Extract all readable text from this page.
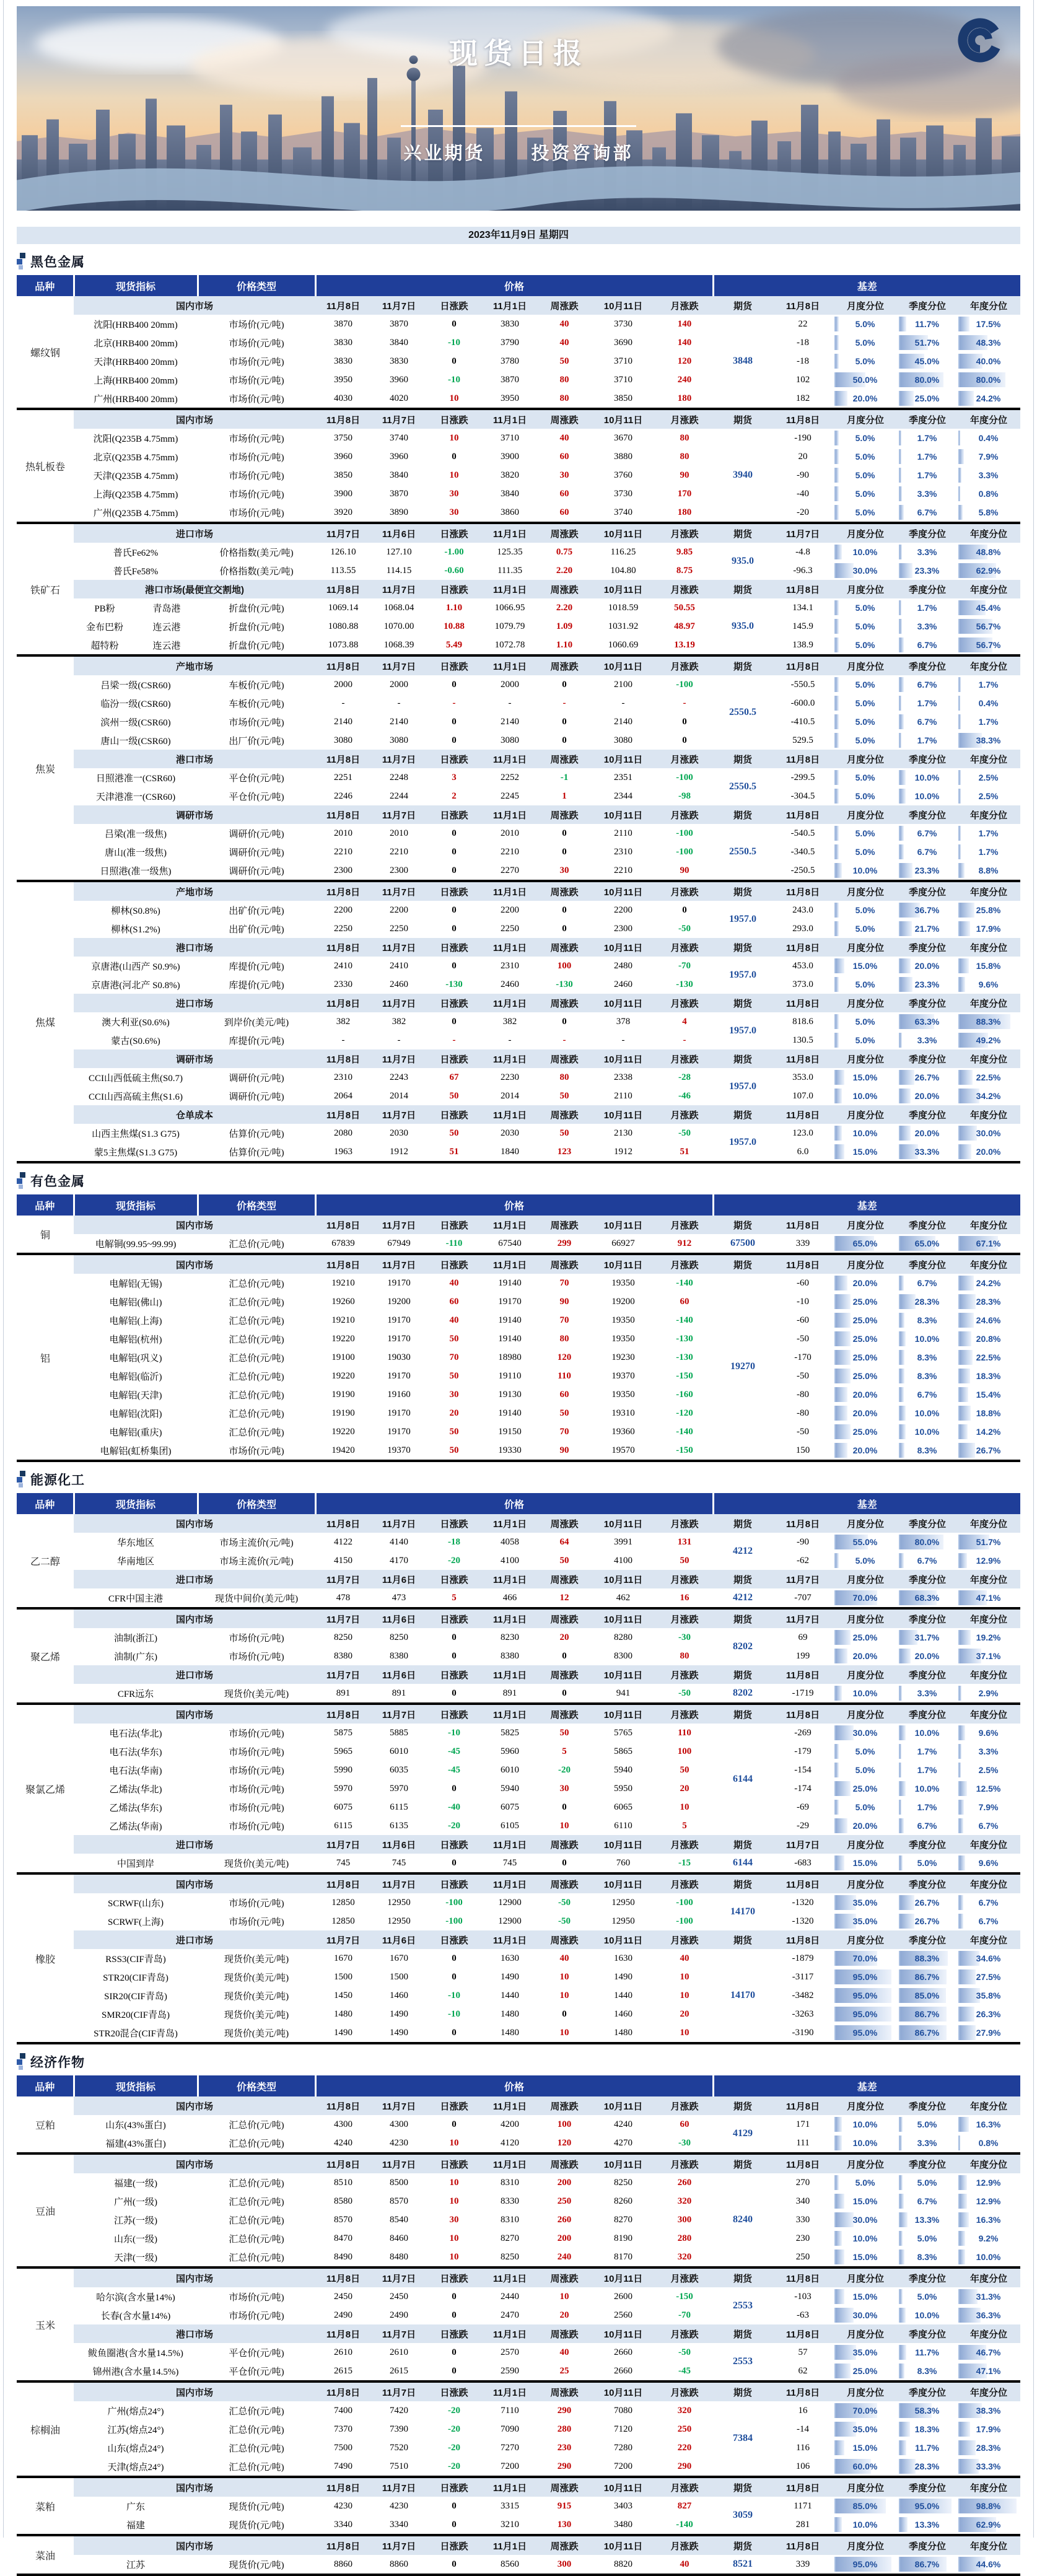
现货日报
兴业期货	投资咨询部
2023年11月9日 星期四
黑色金属
品种	现货指标		价格类型	价格							基差				
螺纹钢	国内市场			11月8日	11月7日	日涨跌	11月1日	周涨跌	10月11日	月涨跌	期货	11月8日	月度分位	季度分位	年度分位
	沈阳(HRB400 20mm)		市场价(元/吨)	3870	3870	0	3830	40	3730	140	3848	22	5.0%	11.7%	17.5%

	北京(HRB400 20mm)		市场价(元/吨)	3830	3840	-10	3790	40	3690	140		-18	5.0%	51.7%	48.3%

	天津(HRB400 20mm)		市场价(元/吨)	3830	3830	0	3780	50	3710	120		-18	5.0%	45.0%	40.0%

	上海(HRB400 20mm)		市场价(元/吨)	3950	3960	-10	3870	80	3710	240		102	50.0%	80.0%	80.0%

	广州(HRB400 20mm)		市场价(元/吨)	4030	4020	10	3950	80	3850	180		182	20.0%	25.0%	24.2%

热轧板卷	国内市场			11月8日	11月7日	日涨跌	11月1日	周涨跌	10月11日	月涨跌	期货	11月8日	月度分位	季度分位	年度分位
	沈阳(Q235B 4.75mm)		市场价(元/吨)	3750	3740	10	3710	40	3670	80	3940	-190	5.0%	1.7%	0.4%

	北京(Q235B 4.75mm)		市场价(元/吨)	3960	3960	0	3900	60	3880	80		20	5.0%	1.7%	7.9%

	天津(Q235B 4.75mm)		市场价(元/吨)	3850	3840	10	3820	30	3760	90		-90	5.0%	1.7%	3.3%

	上海(Q235B 4.75mm)		市场价(元/吨)	3900	3870	30	3840	60	3730	170		-40	5.0%	3.3%	0.8%

	广州(Q235B 4.75mm)		市场价(元/吨)	3920	3890	30	3860	60	3740	180		-20	5.0%	6.7%	5.8%

铁矿石	进口市场			11月7日	11月6日	日涨跌	11月1日	周涨跌	10月11日	月涨跌	期货	11月7日	月度分位	季度分位	年度分位
	普氏Fe62%		价格指数(美元/吨)	126.10	127.10	-1.00	125.35	0.75	116.25	9.85	935.0	-4.8	10.0%	3.3%	48.8%

	普氏Fe58%		价格指数(美元/吨)	113.55	114.15	-0.60	111.35	2.20	104.80	8.75		-96.3	30.0%	23.3%	62.9%

	港口市场(最便宜交割地)			11月8日	11月7日	日涨跌	11月1日	周涨跌	10月11日	月涨跌	期货	11月8日	月度分位	季度分位	年度分位
	PB粉	青岛港	折盘价(元/吨)	1069.14	1068.04	1.10	1066.95	2.20	1018.59	50.55	935.0	134.1	5.0%	1.7%	45.4%

	金布巴粉	连云港	折盘价(元/吨)	1080.88	1070.00	10.88	1079.79	1.09	1031.92	48.97		145.9	5.0%	3.3%	56.7%

	超特粉	连云港	折盘价(元/吨)	1073.88	1068.39	5.49	1072.78	1.10	1060.69	13.19		138.9	5.0%	6.7%	56.7%

焦炭	产地市场			11月8日	11月7日	日涨跌	11月1日	周涨跌	10月11日	月涨跌	期货	11月8日	月度分位	季度分位	年度分位
	吕梁一级(CSR60)		车板价(元/吨)	2000	2000	0	2000	0	2100	-100	2550.5	-550.5	5.0%	6.7%	1.7%

	临汾一级(CSR60)		车板价(元/吨)	-	-	-	-	-	-	-		-600.0	5.0%	1.7%	0.4%

	滨州一级(CSR60)		市场价(元/吨)	2140	2140	0	2140	0	2140	0		-410.5	5.0%	6.7%	1.7%

	唐山一级(CSR60)		出厂价(元/吨)	3080	3080	0	3080	0	3080	0		529.5	5.0%	1.7%	38.3%

	港口市场			11月8日	11月7日	日涨跌	11月1日	周涨跌	10月11日	月涨跌	期货	11月8日	月度分位	季度分位	年度分位
	日照港准一(CSR60)		平仓价(元/吨)	2251	2248	3	2252	-1	2351	-100	2550.5	-299.5	5.0%	10.0%	2.5%

	天津港准一(CSR60)		平仓价(元/吨)	2246	2244	2	2245	1	2344	-98		-304.5	5.0%	10.0%	2.5%

	调研市场			11月8日	11月7日	日涨跌	11月1日	周涨跌	10月11日	月涨跌	期货	11月8日	月度分位	季度分位	年度分位
	吕梁(准一级焦)		调研价(元/吨)	2010	2010	0	2010	0	2110	-100	2550.5	-540.5	5.0%	6.7%	1.7%

	唐山(准一级焦)		调研价(元/吨)	2210	2210	0	2210	0	2310	-100		-340.5	5.0%	6.7%	1.7%

	日照港(准一级焦)		调研价(元/吨)	2300	2300	0	2270	30	2210	90		-250.5	10.0%	23.3%	8.8%

焦煤	产地市场			11月8日	11月7日	日涨跌	11月1日	周涨跌	10月11日	月涨跌	期货	11月8日	月度分位	季度分位	年度分位
	柳林(S0.8%)		出矿价(元/吨)	2200	2200	0	2200	0	2200	0	1957.0	243.0	5.0%	36.7%	25.8%

	柳林(S1.2%)		出矿价(元/吨)	2250	2250	0	2250	0	2300	-50		293.0	5.0%	21.7%	17.9%

	港口市场			11月8日	11月7日	日涨跌	11月1日	周涨跌	10月11日	月涨跌	期货	11月8日	月度分位	季度分位	年度分位
	京唐港(山西产 S0.9%)		库提价(元/吨)	2410	2410	0	2310	100	2480	-70	1957.0	453.0	15.0%	20.0%	15.8%

	京唐港(河北产 S0.8%)		库提价(元/吨)	2330	2460	-130	2460	-130	2460	-130		373.0	5.0%	23.3%	9.6%

	进口市场			11月8日	11月7日	日涨跌	11月1日	周涨跌	10月11日	月涨跌	期货	11月8日	月度分位	季度分位	年度分位
	澳大利亚(S0.6%)		到岸价(美元/吨)	382	382	0	382	0	378	4	1957.0	818.6	5.0%	63.3%	88.3%

	蒙古(S0.6%)		库提价(元/吨)	-	-	-	-	-	-	-		130.5	5.0%	3.3%	49.2%

	调研市场			11月8日	11月7日	日涨跌	11月1日	周涨跌	10月11日	月涨跌	期货	11月8日	月度分位	季度分位	年度分位
	CCI山西低硫主焦(S0.7)		调研价(元/吨)	2310	2243	67	2230	80	2338	-28	1957.0	353.0	15.0%	26.7%	22.5%

	CCI山西高硫主焦(S1.6)		调研价(元/吨)	2064	2014	50	2014	50	2110	-46		107.0	10.0%	20.0%	34.2%

	仓单成本			11月8日	11月7日	日涨跌	11月1日	周涨跌	10月11日	月涨跌	期货	11月8日	月度分位	季度分位	年度分位
	山西主焦煤(S1.3 G75)		估算价(元/吨)	2080	2030	50	2030	50	2130	-50	1957.0	123.0	10.0%	20.0%	30.0%

	蒙5主焦煤(S1.3 G75)		估算价(元/吨)	1963	1912	51	1840	123	1912	51		6.0	15.0%	33.3%	20.0%

有色金属
品种	现货指标	价格类型	价格							基差				
铜	国内市场		11月8日	11月7日	日涨跌	11月1日	周涨跌	10月11日	月涨跌	期货	11月8日	月度分位	季度分位	年度分位
	电解铜(99.95~99.99)	汇总价(元/吨)	67839	67949	-110	67540	299	66927	912	67500	339	65.0%	65.0%	67.1%

铝	国内市场		11月8日	11月7日	日涨跌	11月1日	周涨跌	10月11日	月涨跌	期货	11月8日	月度分位	季度分位	年度分位
	电解铝(无锡)	汇总价(元/吨)	19210	19170	40	19140	70	19350	-140	19270	-60	20.0%	6.7%	24.2%

	电解铝(佛山)	汇总价(元/吨)	19260	19200	60	19170	90	19200	60		-10	25.0%	28.3%	28.3%

	电解铝(上海)	汇总价(元/吨)	19210	19170	40	19140	70	19350	-140		-60	25.0%	8.3%	24.6%

	电解铝(杭州)	汇总价(元/吨)	19220	19170	50	19140	80	19350	-130		-50	25.0%	10.0%	20.8%

	电解铝(巩义)	汇总价(元/吨)	19100	19030	70	18980	120	19230	-130		-170	25.0%	8.3%	22.5%

	电解铝(临沂)	汇总价(元/吨)	19220	19170	50	19110	110	19370	-150		-50	25.0%	8.3%	18.3%

	电解铝(天津)	汇总价(元/吨)	19190	19160	30	19130	60	19350	-160		-80	20.0%	6.7%	15.4%

	电解铝(沈阳)	汇总价(元/吨)	19190	19170	20	19140	50	19310	-120		-80	20.0%	10.0%	18.8%

	电解铝(重庆)	汇总价(元/吨)	19220	19170	50	19150	70	19360	-140		-50	25.0%	10.0%	14.2%

	电解铝(虹桥集团)	市场价(元/吨)	19420	19370	50	19330	90	19570	-150		150	20.0%	8.3%	26.7%

能源化工
品种	现货指标	价格类型	价格							基差				
乙二醇	国内市场		11月8日	11月7日	日涨跌	11月1日	周涨跌	10月11日	月涨跌	期货	11月8日	月度分位	季度分位	年度分位
	华东地区	市场主流价(元/吨)	4122	4140	-18	4058	64	3991	131	4212	-90	55.0%	80.0%	51.7%

	华南地区	市场主流价(元/吨)	4150	4170	-20	4100	50	4100	50		-62	5.0%	6.7%	12.9%

	进口市场		11月7日	11月6日	日涨跌	11月1日	周涨跌	10月11日	月涨跌	期货	11月7日	月度分位	季度分位	年度分位
	CFR中国主港	现货中间价(美元/吨)	478	473	5	466	12	462	16	4212	-707	70.0%	68.3%	47.1%

聚乙烯	国内市场		11月7日	11月6日	日涨跌	11月1日	周涨跌	10月11日	月涨跌	期货	11月7日	月度分位	季度分位	年度分位
	油制(浙江)	市场价(元/吨)	8250	8250	0	8230	20	8280	-30	8202	69	25.0%	31.7%	19.2%

	油制(广东)	市场价(元/吨)	8380	8380	0	8380	0	8300	80		199	20.0%	20.0%	37.1%

	进口市场		11月7日	11月6日	日涨跌	11月1日	周涨跌	10月11日	月涨跌	期货	11月8日	月度分位	季度分位	年度分位
	CFR远东	现货价(美元/吨)	891	891	0	891	0	941	-50	8202	-1719	10.0%	3.3%	2.9%

聚氯乙烯	国内市场		11月8日	11月7日	日涨跌	11月1日	周涨跌	10月11日	月涨跌	期货	11月8日	月度分位	季度分位	年度分位
	电石法(华北)	市场价(元/吨)	5875	5885	-10	5825	50	5765	110	6144	-269	30.0%	10.0%	9.6%

	电石法(华东)	市场价(元/吨)	5965	6010	-45	5960	5	5865	100		-179	5.0%	1.7%	3.3%

	电石法(华南)	市场价(元/吨)	5990	6035	-45	6010	-20	5940	50		-154	5.0%	1.7%	2.5%

	乙烯法(华北)	市场价(元/吨)	5970	5970	0	5940	30	5950	20		-174	25.0%	10.0%	12.5%

	乙烯法(华东)	市场价(元/吨)	6075	6115	-40	6075	0	6065	10		-69	5.0%	1.7%	7.9%

	乙烯法(华南)	市场价(元/吨)	6115	6135	-20	6105	10	6110	5		-29	20.0%	6.7%	6.7%

	进口市场		11月7日	11月6日	日涨跌	11月1日	周涨跌	10月11日	月涨跌	期货	11月7日	月度分位	季度分位	年度分位
	中国到岸	现货价(美元/吨)	745	745	0	745	0	760	-15	6144	-683	15.0%	5.0%	9.6%

橡胶	国内市场		11月8日	11月7日	日涨跌	11月1日	周涨跌	10月11日	月涨跌	期货	11月8日	月度分位	季度分位	年度分位
	SCRWF(山东)	市场价(元/吨)	12850	12950	-100	12900	-50	12950	-100	14170	-1320	35.0%	26.7%	6.7%

	SCRWF(上海)	市场价(元/吨)	12850	12950	-100	12900	-50	12950	-100		-1320	35.0%	26.7%	6.7%

	进口市场		11月7日	11月6日	日涨跌	11月1日	周涨跌	10月11日	月涨跌	期货	11月8日	月度分位	季度分位	年度分位
	RSS3(CIF青岛)	现货价(美元/吨)	1670	1670	0	1630	40	1630	40	14170	-1879	70.0%	88.3%	34.6%

	STR20(CIF青岛)	现货价(美元/吨)	1500	1500	0	1490	10	1490	10		-3117	95.0%	86.7%	27.5%

	SIR20(CIF青岛)	现货价(美元/吨)	1450	1460	-10	1440	10	1440	10		-3482	95.0%	85.0%	35.8%

	SMR20(CIF青岛)	现货价(美元/吨)	1480	1490	-10	1480	0	1460	20		-3263	95.0%	86.7%	26.3%

	STR20混合(CIF青岛)	现货价(美元/吨)	1490	1490	0	1480	10	1480	10		-3190	95.0%	86.7%	27.9%

经济作物
品种	现货指标	价格类型	价格							基差				
豆粕	国内市场		11月8日	11月7日	日涨跌	11月1日	周涨跌	10月11日	月涨跌	期货	11月8日	月度分位	季度分位	年度分位
	山东(43%蛋白)	汇总价(元/吨)	4300	4300	0	4200	100	4240	60	4129	171	10.0%	5.0%	16.3%

	福建(43%蛋白)	汇总价(元/吨)	4240	4230	10	4120	120	4270	-30		111	10.0%	3.3%	0.8%

豆油	国内市场		11月8日	11月7日	日涨跌	11月1日	周涨跌	10月11日	月涨跌	期货	11月8日	月度分位	季度分位	年度分位
	福建(一级)	汇总价(元/吨)	8510	8500	10	8310	200	8250	260	8240	270	5.0%	5.0%	12.9%

	广州(一级)	汇总价(元/吨)	8580	8570	10	8330	250	8260	320		340	15.0%	6.7%	12.9%

	江苏(一级)	汇总价(元/吨)	8570	8540	30	8310	260	8270	300		330	30.0%	13.3%	16.3%

	山东(一级)	汇总价(元/吨)	8470	8460	10	8270	200	8190	280		230	10.0%	5.0%	9.2%

	天津(一级)	汇总价(元/吨)	8490	8480	10	8250	240	8170	320		250	15.0%	8.3%	10.0%

玉米	国内市场		11月8日	11月7日	日涨跌	11月1日	周涨跌	10月11日	月涨跌	期货	11月8日	月度分位	季度分位	年度分位
	哈尔滨(含水量14%)	市场价(元/吨)	2450	2450	0	2440	10	2600	-150	2553	-103	15.0%	5.0%	31.3%

	长春(含水量14%)	市场价(元/吨)	2490	2490	0	2470	20	2560	-70		-63	30.0%	10.0%	36.3%

	港口市场		11月8日	11月7日	日涨跌	11月1日	周涨跌	10月11日	月涨跌	期货	11月8日	月度分位	季度分位	年度分位
	鲅鱼圈港(含水量14.5%)	平仓价(元/吨)	2610	2610	0	2570	40	2660	-50	2553	57	35.0%	11.7%	46.7%

	锦州港(含水量14.5%)	平仓价(元/吨)	2615	2615	0	2590	25	2660	-45		62	25.0%	8.3%	47.1%

棕榈油	国内市场		11月8日	11月7日	日涨跌	11月1日	周涨跌	10月11日	月涨跌	期货	11月8日	月度分位	季度分位	年度分位
	广州(熔点24°)	汇总价(元/吨)	7400	7420	-20	7110	290	7080	320	7384	16	70.0%	58.3%	38.3%

	江苏(熔点24°)	汇总价(元/吨)	7370	7390	-20	7090	280	7120	250		-14	35.0%	18.3%	17.9%

	山东(熔点24°)	汇总价(元/吨)	7500	7520	-20	7270	230	7280	220		116	15.0%	11.7%	28.3%

	天津(熔点24°)	汇总价(元/吨)	7490	7510	-20	7200	290	7200	290		106	60.0%	28.3%	33.3%

菜粕	国内市场		11月8日	11月7日	日涨跌	11月1日	周涨跌	10月11日	月涨跌	期货	11月8日	月度分位	季度分位	年度分位
	广东	现货价(元/吨)	4230	4230	0	3315	915	3403	827	3059	1171	85.0%	95.0%	98.8%

	福建	现货价(元/吨)	3340	3340	0	3210	130	3480	-140		281	10.0%	13.3%	62.9%

菜油	国内市场		11月8日	11月7日	日涨跌	11月1日	周涨跌	10月11日	月涨跌	期货	11月8日	月度分位	季度分位	年度分位
	江苏	现货价(元/吨)	8860	8860	0	8560	300	8820	40	8521	339	95.0%	86.7%	44.6%
